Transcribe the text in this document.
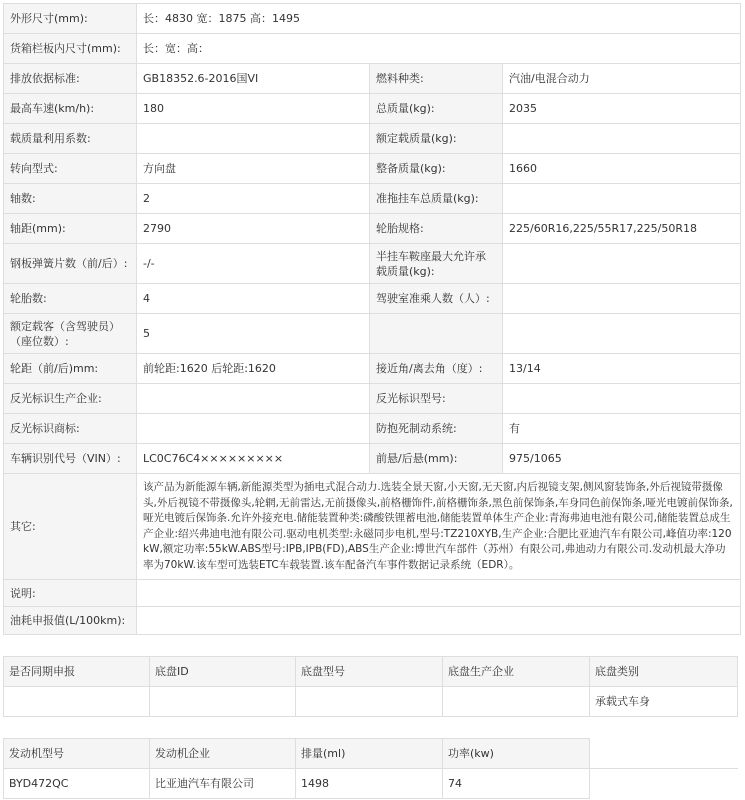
外形尺寸(mm):	长：4830 宽：1875 高：1495		
货箱栏板内尺寸(mm):	长：宽：高：		
排放依据标准:	GB18352.6-2016国VI	燃料种类:	汽油/电混合动力
最高车速(km/h):	180	总质量(kg):	2035
载质量利用系数:		额定载质量(kg):	
转向型式:	方向盘	整备质量(kg):	1660
轴数:	2	准拖挂车总质量(kg):	
轴距(mm):	2790	轮胎规格:	225/60R16,225/55R17,225/50R18
钢板弹簧片数（前/后）:	-/-	半挂车鞍座最大允许承载质量(kg):	
轮胎数:	4	驾驶室准乘人数（人）:	
额定载客（含驾驶员）（座位数）:	5		
轮距（前/后)mm:	前轮距:1620 后轮距:1620	接近角/离去角（度）:	13/14
反光标识生产企业:		反光标识型号:	
反光标识商标:		防抱死制动系统:	有
车辆识别代号（VIN）:	LC0C76C4×××××××××	前悬/后悬(mm):	975/1065
其它:	该产品为新能源车辆,新能源类型为插电式混合动力.选装全景天窗,小天窗,无天窗,内后视镜支架,侧风窗装饰条,外后视镜带摄像头,外后视镜不带摄像头,轮辋,无前雷达,无前摄像头,前格栅饰件,前格栅饰条,黑色前保饰条,车身同色前保饰条,哑光电镀前保饰条,哑光电镀后保饰条.允许外接充电.储能装置种类:磷酸铁锂蓄电池,储能装置单体生产企业:青海弗迪电池有限公司,储能装置总成生产企业:绍兴弗迪电池有限公司.驱动电机类型:永磁同步电机,型号:TZ210XYB,生产企业:合肥比亚迪汽车有限公司,峰值功率:120kW,额定功率:55kW.ABS型号:IPB,IPB(FD),ABS生产企业:博世汽车部件（苏州）有限公司,弗迪动力有限公司.发动机最大净功率为70kW.该车型可选装ETC车载装置.该车配备汽车事件数据记录系统（EDR）。		
说明:			
油耗申报值(L/100km):			
是否同期申报	底盘ID	底盘型号	底盘生产企业	底盘类别
				承载式车身
发动机型号	发动机企业	排量(ml)	功率(kw)	
BYD472QC	比亚迪汽车有限公司	1498	74	
